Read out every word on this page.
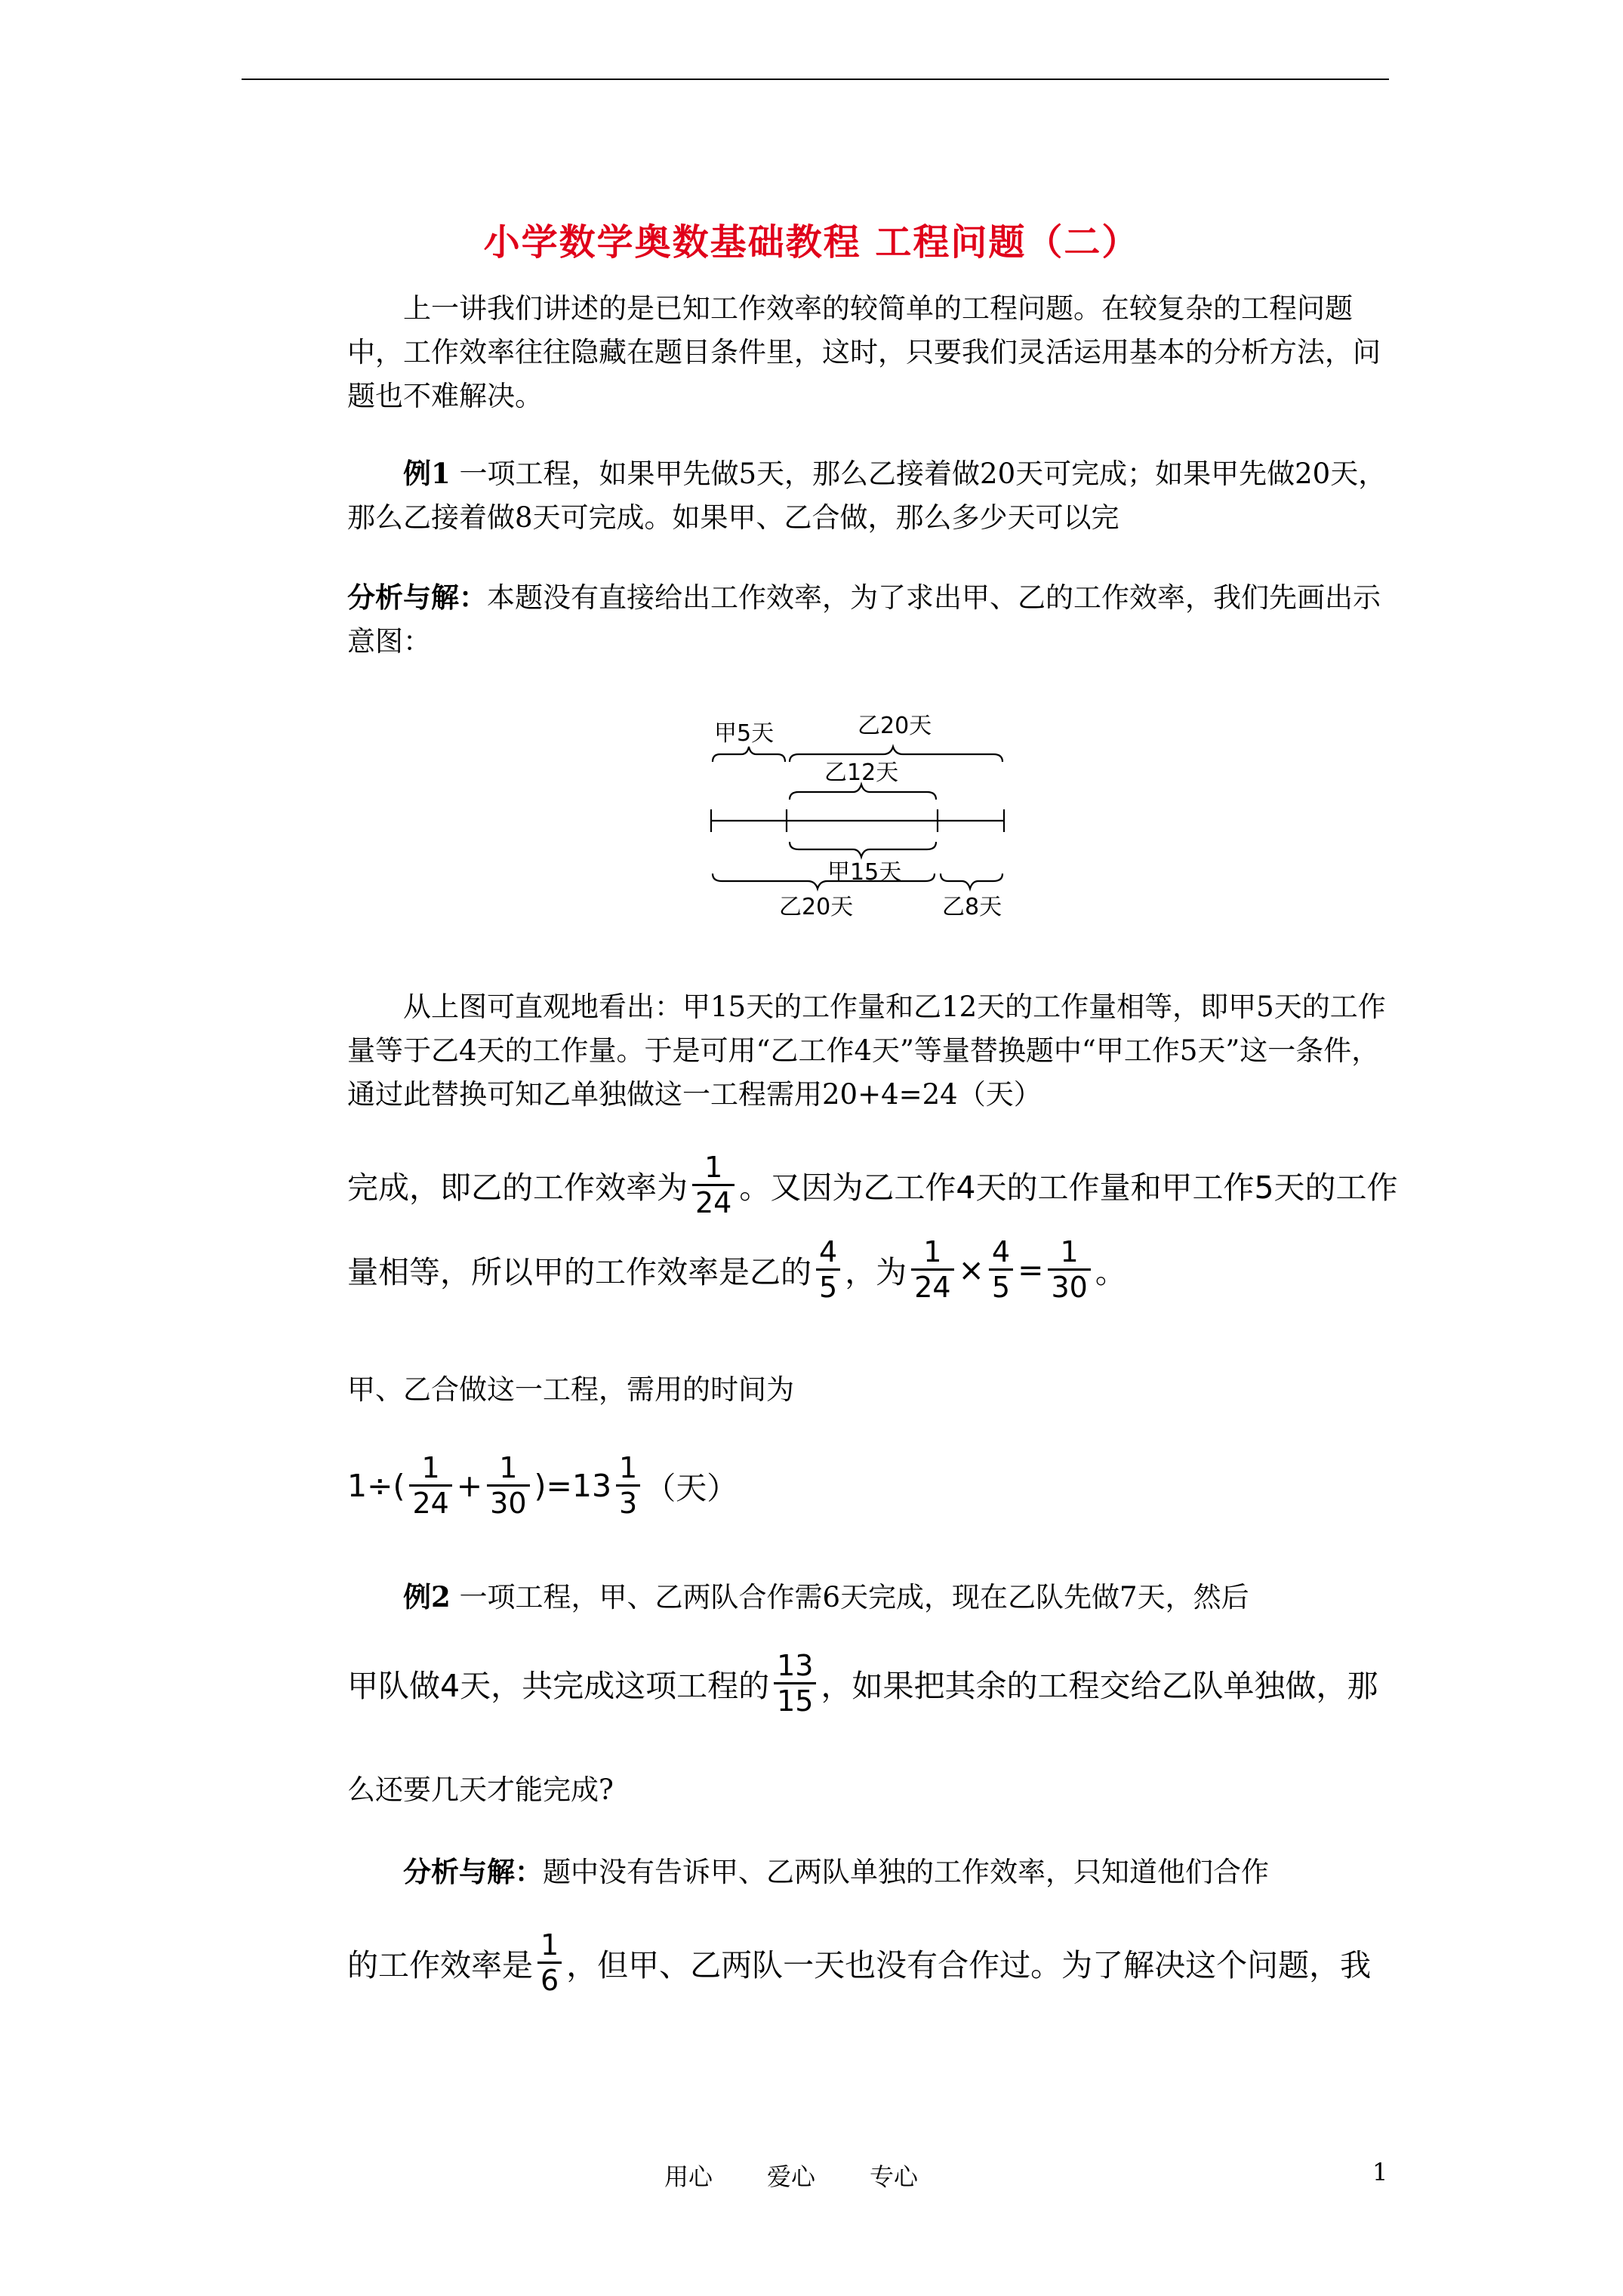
小学数学奥数基础教程 工程问题（二）

上一讲我们讲述的是已知工作效率的较简单的工程问题。在较复杂的工程问题中，工作效率往往隐藏在题目条件里，这时，只要我们灵活运用基本的分析方法，问题也不难解决。

例1 一项工程，如果甲先做5天，那么乙接着做20天可完成；如果甲先做20天，那么乙接着做8天可完成。如果甲、乙合做，那么多少天可以完

分析与解：本题没有直接给出工作效率，为了求出甲、乙的工作效率，我们先画出示意图：

甲5天	乙20天
乙12天
甲15天
乙20天	乙8天

从上图可直观地看出：甲15天的工作量和乙12天的工作量相等，即甲5天的工作量等于乙4天的工作量。于是可用“乙工作4天”等量替换题中“甲工作5天”这一条件，通过此替换可知乙单独做这一工程需用20+4=24（天）

完成，即乙的工作效率为 $\frac{1}{24}$ 。又因为乙工作4天的工作量和甲工作5天的工作
量相等，所以甲的工作效率是乙的 $\frac{4}{5}$ ，为 $\frac{1}{24} \times \frac{4}{5} = \frac{1}{30}$ 。

甲、乙合做这一工程，需用的时间为

$1\div( \frac{1}{24} + \frac{1}{30} )=13 \frac{1}{3}$ （天）

例2 一项工程，甲、乙两队合作需6天完成，现在乙队先做7天，然后

甲队做4天，共完成这项工程的 $\frac{13}{15}$ ，如果把其余的工程交给乙队单独做，那

么还要几天才能完成?

分析与解：题中没有告诉甲、乙两队单独的工作效率，只知道他们合作

的工作效率是 $\frac{1}{6}$ ，但甲、乙两队一天也没有合作过。为了解决这个问题，我
用心 爱心 专心	1
